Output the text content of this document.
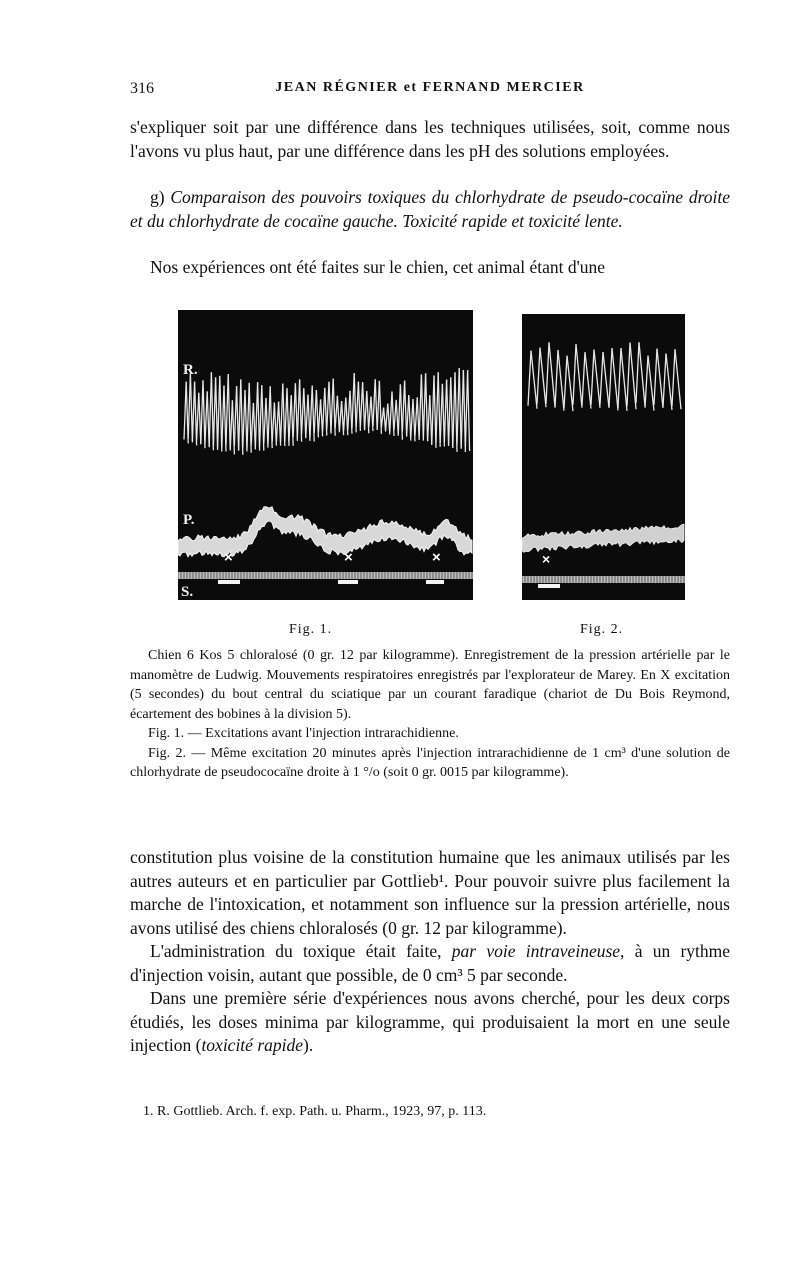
316	JEAN RÉGNIER et FERNAND MERCIER

s'expliquer soit par une différence dans les techniques utilisées, soit, comme nous l'avons vu plus haut, par une différence dans les pH des solutions employées.

g) Comparaison des pouvoirs toxiques du chlorhydrate de pseudo-cocaïne droite et du chlorhydrate de cocaïne gauche. Toxicité rapide et toxicité lente.

Nos expériences ont été faites sur le chien, cet animal étant d'une

R.
P.
S.
×	×	×	×
Fig. 1.	Fig. 2.

Chien 6 Kos 5 chloralosé (0 gr. 12 par kilogramme). Enregistrement de la pression artérielle par le manomètre de Ludwig. Mouvements respiratoires enregistrés par l'explorateur de Marey. En X excitation (5 secondes) du bout central du sciatique par un courant faradique (chariot de Du Bois Reymond, écartement des bobines à la division 5).

Fig. 1. — Excitations avant l'injection intrarachidienne.

Fig. 2. — Même excitation 20 minutes après l'injection intrarachidienne de 1 cm³ d'une solution de chlorhydrate de pseudococaïne droite à 1 °/o (soit 0 gr. 0015 par kilogramme).

constitution plus voisine de la constitution humaine que les animaux utilisés par les autres auteurs et en particulier par Gottlieb¹. Pour pouvoir suivre plus facilement la marche de l'intoxication, et notamment son influence sur la pression artérielle, nous avons utilisé des chiens chloralosés (0 gr. 12 par kilogramme).

L'administration du toxique était faite, par voie intraveineuse, à un rythme d'injection voisin, autant que possible, de 0 cm³ 5 par seconde.

Dans une première série d'expériences nous avons cherché, pour les deux corps étudiés, les doses minima par kilogramme, qui produisaient la mort en une seule injection (toxicité rapide).

1. R. Gottlieb. Arch. f. exp. Path. u. Pharm., 1923, 97, p. 113.
